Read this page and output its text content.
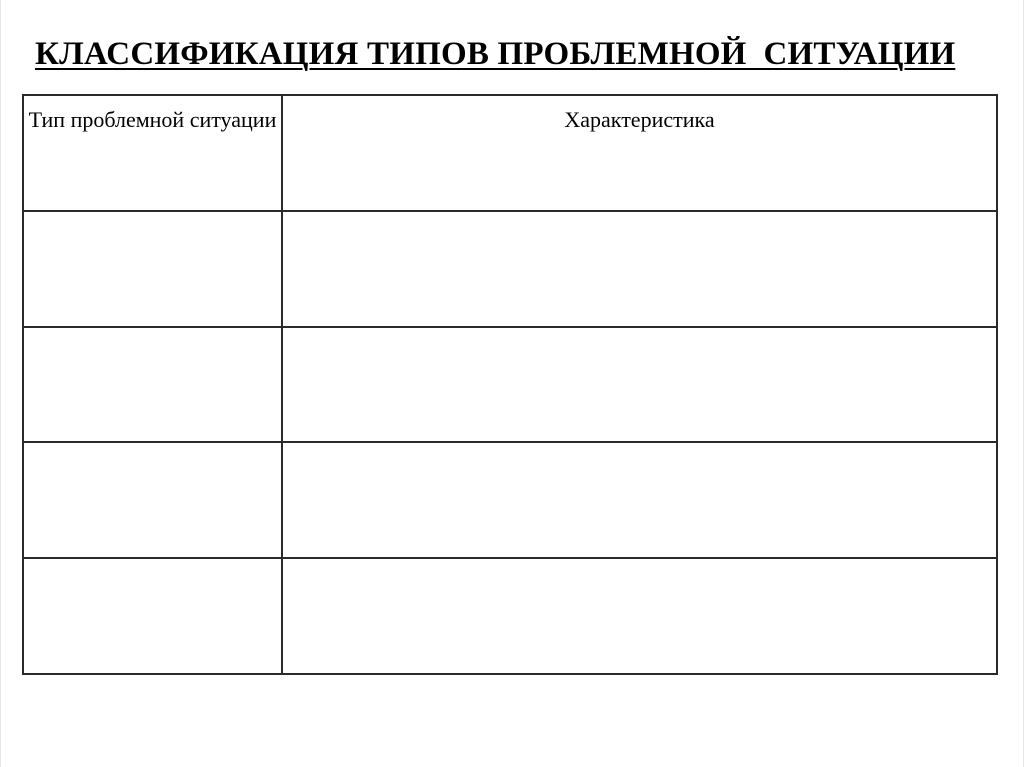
КЛАССИФИКАЦИЯ ТИПОВ ПРОБЛЕМНОЙ  СИТУАЦИИ
Тип проблемной ситуации	Характеристика
